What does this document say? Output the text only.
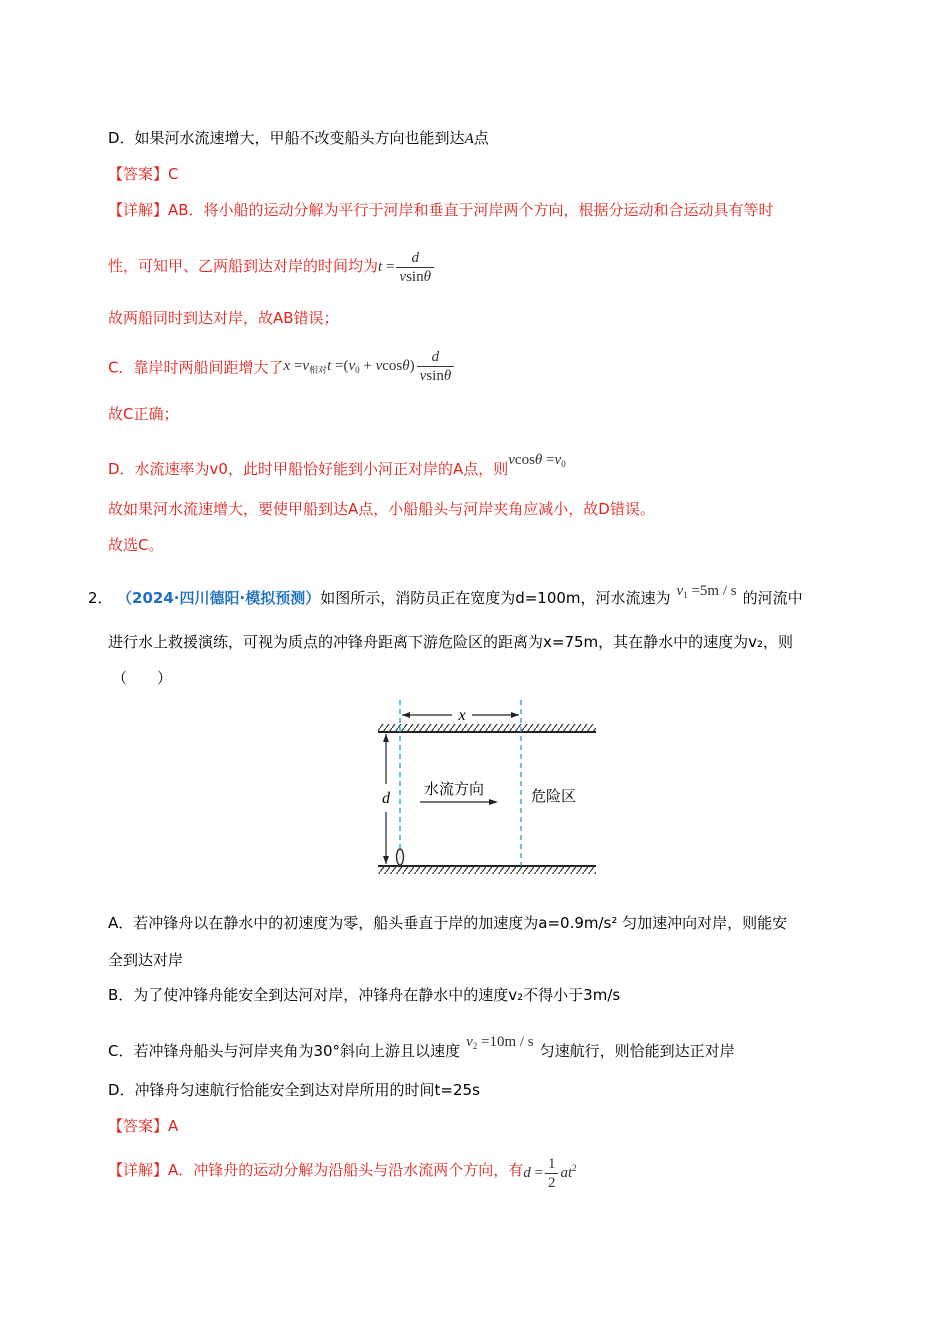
D．如果河水流速增大，甲船不改变船头方向也能到达A点
【答案】C
【详解】AB．将小船的运动分解为平行于河岸和垂直于河岸两个方向，根据分运动和合运动具有等时
性，可知甲、乙两船到达对岸的时间均为$t = \frac{d}{vsin\theta}$
故两船同时到达对岸，故AB错误；
C．靠岸时两船间距增大了$x =v_{相对}t =(v_0 + vcos\theta) \frac{d}{vsin\theta}$
故C正确；
D．水流速率为v0，此时甲船恰好能到小河正对岸的A点，则$vcos\theta =v_0$
故如果河水流速增大，要使甲船到达A点，小船船头与河岸夹角应减小，故D错误。
故选C。
2． （2024·四川德阳·模拟预测）如图所示，消防员正在宽度为d=100m，河水流速为 $v_1 =5m / s$ 的河流中
进行水上救援演练，可视为质点的冲锋舟距离下游危险区的距离为x=75m，其在静水中的速度为v₂，则
（　　）
x
d 水流方向	危险区
A．若冲锋舟以在静水中的初速度为零，船头垂直于岸的加速度为a=0.9m/s² 匀加速冲向对岸，则能安
全到达对岸
B．为了使冲锋舟能安全到达河对岸，冲锋舟在静水中的速度v₂不得小于3m/s
C．若冲锋舟船头与河岸夹角为30°斜向上游且以速度 $v_2 =10m / s$ 匀速航行，则恰能到达正对岸
D．冲锋舟匀速航行恰能安全到达对岸所用的时间t=25s
【答案】A
【详解】A．冲锋舟的运动分解为沿船头与沿水流两个方向，有$d = \frac{1}{2} at^2$
